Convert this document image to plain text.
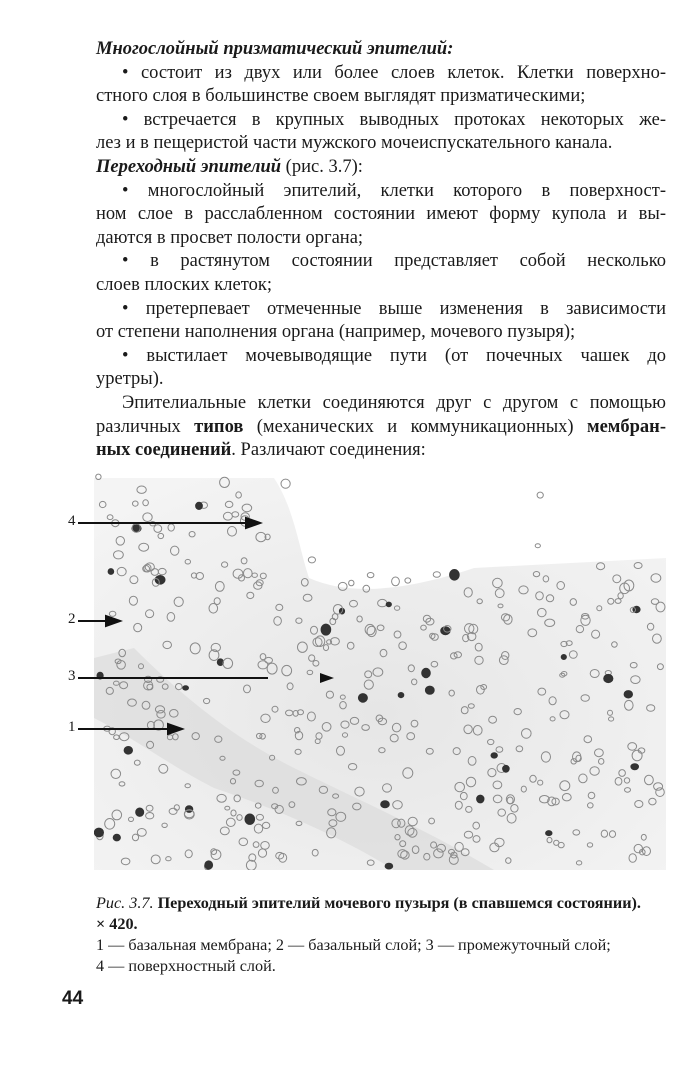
Многослойный призматический эпителий:
• состоит из двух или более слоев клеток. Клетки поверхно-
стного слоя в большинстве своем выглядят призматическими;
• встречается в крупных выводных протоках некоторых же-
лез и в пещеристой части мужского мочеиспускательного канала.
Переходный эпителий (рис. 3.7):
• многослойный эпителий, клетки которого в поверхност-
ном слое в расслабленном состоянии имеют форму купола и вы-
даются в просвет полости органа;
• в растянутом состоянии представляет собой несколько
слоев плоских клеток;
• претерпевает отмеченные выше изменения в зависимости
от степени наполнения органа (например, мочевого пузыря);
• выстилает мочевыводящие пути (от почечных чашек до
уретры).
Эпителиальные клетки соединяются друг с другом с помощью
различных типов (механических и коммуникационных) мембран-
ных соединений. Различают соединения:
4
2
3
1
Рис. 3.7. Переходный эпителий мочевого пузыря (в спавшемся состоянии).
× 420.
1 — базальная мембрана; 2 — базальный слой; 3 — промежуточный слой;
4 — поверхностный слой.
44
